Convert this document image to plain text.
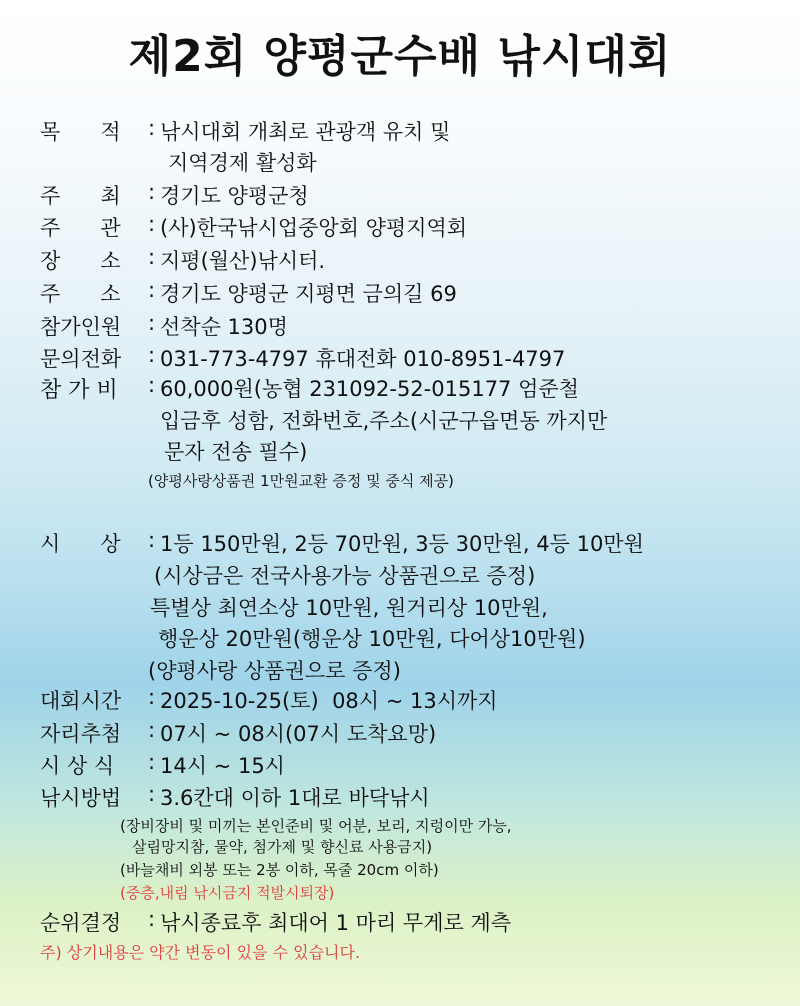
제2회 양평군수배 낚시대회
목      적 : 낚시대회 개최로 관광객 유치 및
지역경제 활성화
주      최 : 경기도 양평군청
주      관 : (사)한국낚시업중앙회 양평지역회
장      소 : 지평(월산)낚시터.
주      소 : 경기도 양평군 지평면 금의길 69
참가인원 : 선착순 130명
문의전화 : 031-773-4797 휴대전화 010-8951-4797
참 가 비 : 60,000원(농협 231092-52-015177 엄준철
입금후 성함, 전화번호,주소(시군구읍면동 까지만
문자 전송 필수)
(양평사랑상품권 1만원교환 증정 및 중식 제공)
시      상 : 1등 150만원, 2등 70만원, 3등 30만원, 4등 10만원
(시상금은 전국사용가능 상품권으로 증정)
특별상 최연소상 10만원, 원거리상 10만원,
행운상 20만원(행운상 10만원, 다어상10만원)
(양평사랑 상품권으로 증정)
대회시간 : 2025-10-25(토)  08시 ~ 13시까지
자리추첨 : 07시 ~ 08시(07시 도착요망)
시 상 식 : 14시 ~ 15시
낚시방법 : 3.6칸대 이하 1대로 바닥낚시
(장비장비 및 미끼는 본인준비 및 어분, 보리, 지렁이만 가능,
살림망지참, 물약, 첨가제 및 향신료 사용금지)
(바늘채비 외봉 또는 2봉 이하, 목줄 20cm 이하)
(중층,내림 낚시금지 적발시퇴장)
순위결정 : 낚시종료후 최대어 1 마리 무게로 계측
주) 상기내용은 약간 변동이 있을 수 있습니다.
